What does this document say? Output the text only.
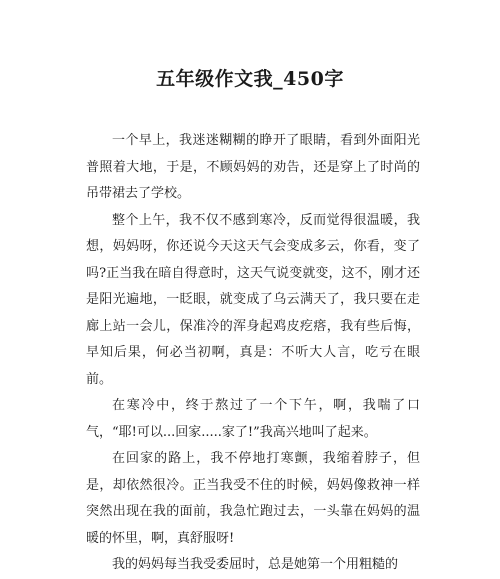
五年级作文我_450字

一个早上，我迷迷糊糊的睁开了眼睛，看到外面阳光普照着大地，于是，不顾妈妈的劝告，还是穿上了时尚的吊带裙去了学校。

整个上午，我不仅不感到寒冷，反而觉得很温暖，我想，妈妈呀，你还说今天这天气会变成多云，你看，变了吗?正当我在暗自得意时，这天气说变就变，这不，刚才还是阳光遍地，一眨眼，就变成了乌云满天了，我只要在走廊上站一会儿，保准冷的浑身起鸡皮疙瘩，我有些后悔，早知后果，何必当初啊，真是：不听大人言，吃亏在眼前。

在寒冷中，终于熬过了一个下午，啊，我喘了口气，“耶!可以...回家.....家了!”我高兴地叫了起来。

在回家的路上，我不停地打寒颤，我缩着脖子，但是，却依然很冷。正当我受不住的时候，妈妈像救神一样突然出现在我的面前，我急忙跑过去，一头靠在妈妈的温暖的怀里，啊，真舒服呀!

我的妈妈每当我受委屈时，总是她第一个用粗糙的
